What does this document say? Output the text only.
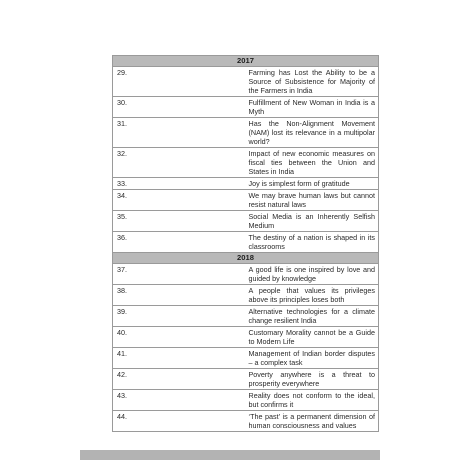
2017	
29.	Farming has Lost the Ability to be a Source of Subsistence for Majority of the Farmers in India
30.	Fulfillment of New Woman in India is a Myth
31.	Has the Non-Alignment Movement (NAM) lost its relevance in a multipolar world?
32.	Impact of new economic measures on fiscal ties between the Union and States in India
33.	Joy is simplest form of gratitude
34.	We may brave human laws but cannot resist natural laws
35.	Social Media is an Inherently Selfish Medium
36.	The destiny of a nation is shaped in its classrooms
2018	
37.	A good life is one inspired by love and guided by knowledge
38.	A people that values its privileges above its principles loses both
39.	Alternative technologies for a climate change resilient India
40.	Customary Morality cannot be a Guide to Modern Life
41.	Management of Indian border disputes – a complex task
42.	Poverty anywhere is a threat to prosperity everywhere
43.	Reality does not conform to the ideal, but confirms it
44.	‘The past’ is a permanent dimension of human consciousness and values
